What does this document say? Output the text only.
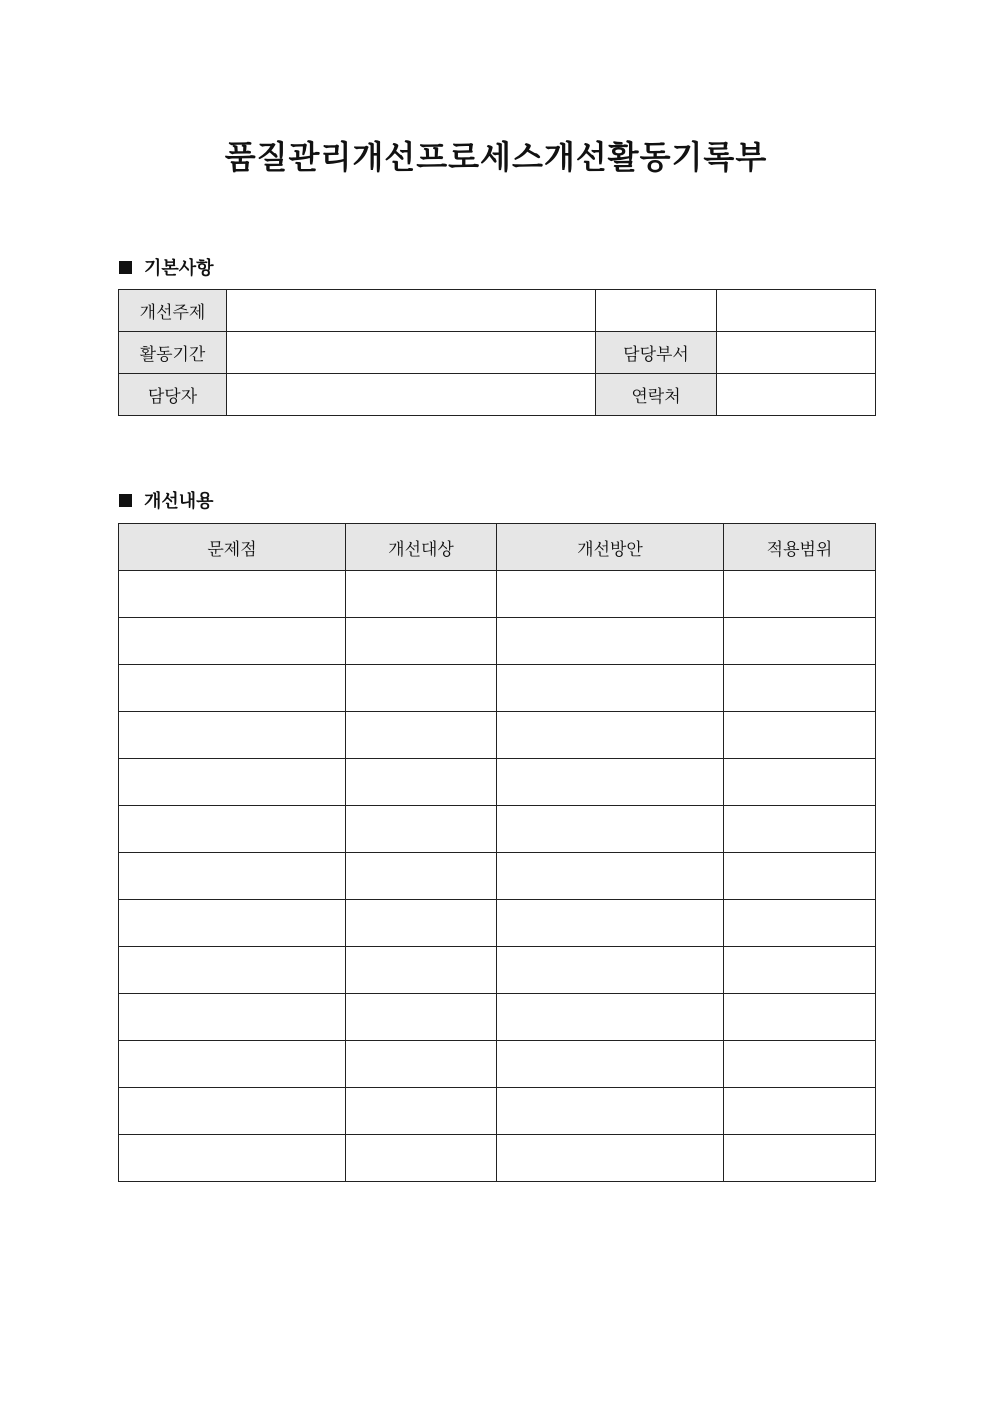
품질관리개선프로세스개선활동기록부
기본사항
개선주제			
활동기간		담당부서	
담당자		연락처	
개선내용
문제점	개선대상	개선방안	적용범위
